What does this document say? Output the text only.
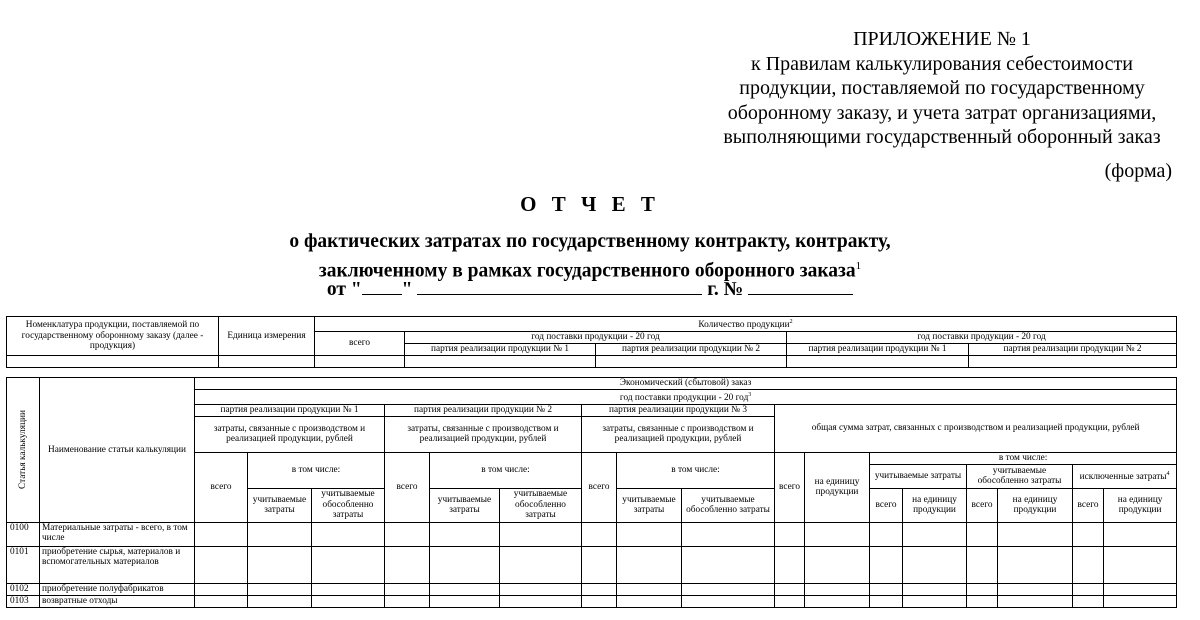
ПРИЛОЖЕНИЕ № 1
к Правилам калькулирования себестоимости
продукции, поставляемой по государственному
оборонному заказу, и учета затрат организациями,
выполняющими государственный оборонный заказ
(форма)
О Т Ч Е Т
о фактических затратах по государственному контракту, контракту,
заключенному в рамках государственного оборонного заказа$^1$
от " "	г. №
Номенклатура продукции, поставляемой по государственному оборонному заказу (далее - продукция)	Единица измерения	Количество продукции$^2$
		всего	год поставки продукции - 20 год		год поставки продукции - 20 год	
			партия реализации продукции № 1	партия реализации продукции № 2	партия реализации продукции № 1	партия реализации продукции № 2

Статья калькуляции	Наименование статьи калькуляции	Экономический (сбытовой) заказ																
		год поставки продукции - 20 год$^3$
		партия реализации продукции № 1			партия реализации продукции № 2			партия реализации продукции № 3			общая сумма затрат, связанных с производством и реализацией продукции, рублей							
		затраты, связанные с производством и реализацией продукции, рублей			затраты, связанные с производством и реализацией продукции, рублей			затраты, связанные с производством и реализацией продукции, рублей										
		всего	в том числе:		всего	в том числе:		всего	в том числе:		всего	на единицу продукции	в том числе:					
													учитываемые затраты		учитываемые обособленно затраты		исключенные затраты$^4$
			учитываемые затраты	учитываемые обособленно затраты		учитываемые затраты	учитываемые обособленно затраты		учитываемые затраты	учитываемые обособленно затраты			всего	на единицу продукции	всего	на единицу продукции	всего	на единицу продукции

0100	Материальные затраты - всего, в том числе																	
0101	приобретение сырья, материалов и вспомогательных материалов																	
0102	приобретение полуфабрикатов																	
0103	возвратные отходы																	
